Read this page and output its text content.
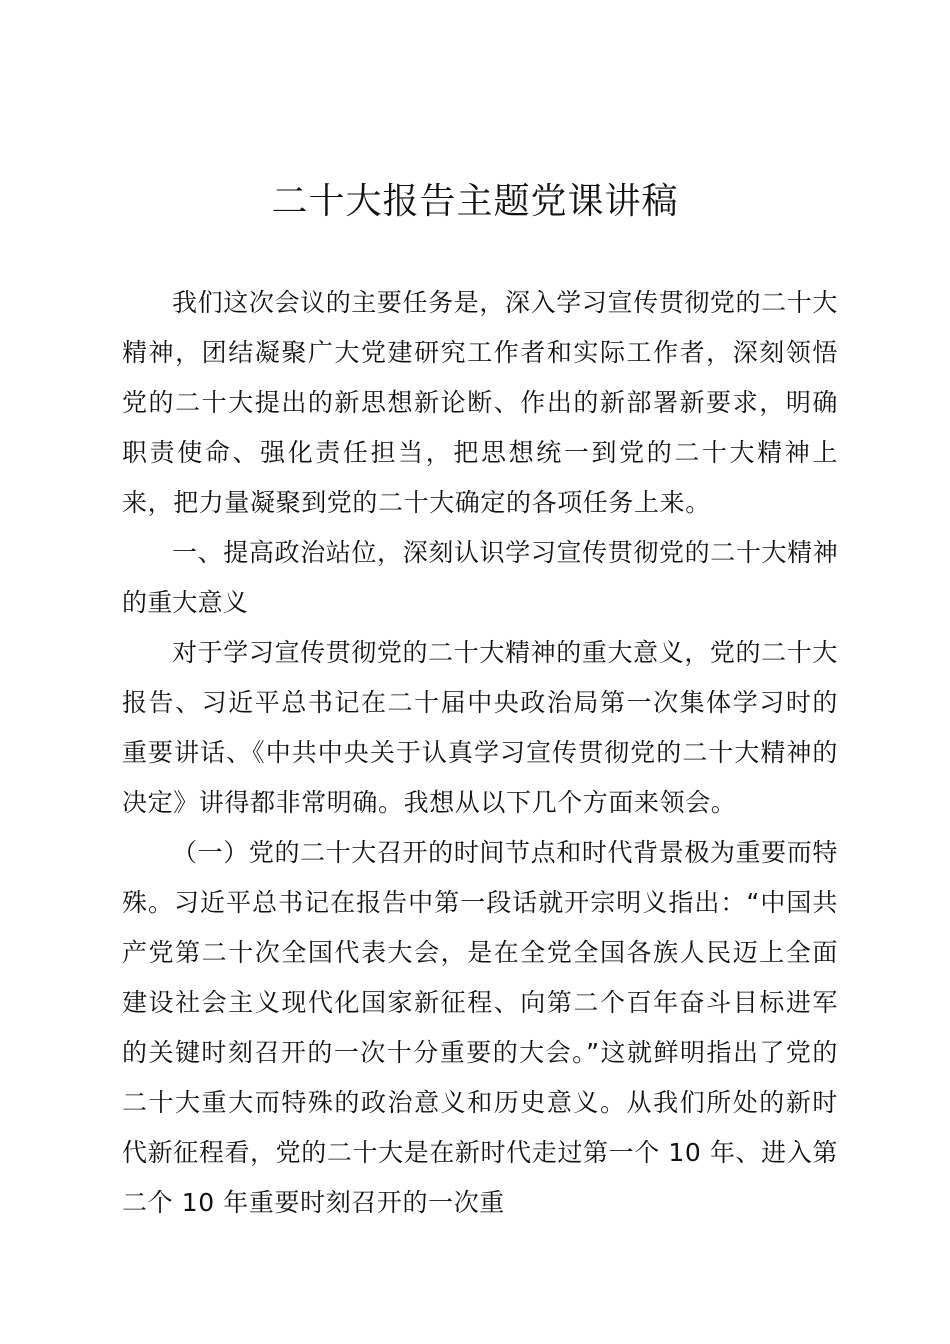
二十大报告主题党课讲稿

我们这次会议的主要任务是，深入学习宣传贯彻党的二十大精神，团结凝聚广大党建研究工作者和实际工作者，深刻领悟党的二十大提出的新思想新论断、作出的新部署新要求，明确职责使命、强化责任担当，把思想统一到党的二十大精神上来，把力量凝聚到党的二十大确定的各项任务上来。

一、提高政治站位，深刻认识学习宣传贯彻党的二十大精神的重大意义

对于学习宣传贯彻党的二十大精神的重大意义，党的二十大报告、习近平总书记在二十届中央政治局第一次集体学习时的重要讲话、《中共中央关于认真学习宣传贯彻党的二十大精神的决定》讲得都非常明确。我想从以下几个方面来领会。

（一）党的二十大召开的时间节点和时代背景极为重要而特殊。习近平总书记在报告中第一段话就开宗明义指出：“中国共产党第二十次全国代表大会，是在全党全国各族人民迈上全面建设社会主义现代化国家新征程、向第二个百年奋斗目标进军的关键时刻召开的一次十分重要的大会。”这就鲜明指出了党的二十大重大而特殊的政治意义和历史意义。从我们所处的新时代新征程看，党的二十大是在新时代走过第一个 10 年、进入第二个 10 年重要时刻召开的一次重
